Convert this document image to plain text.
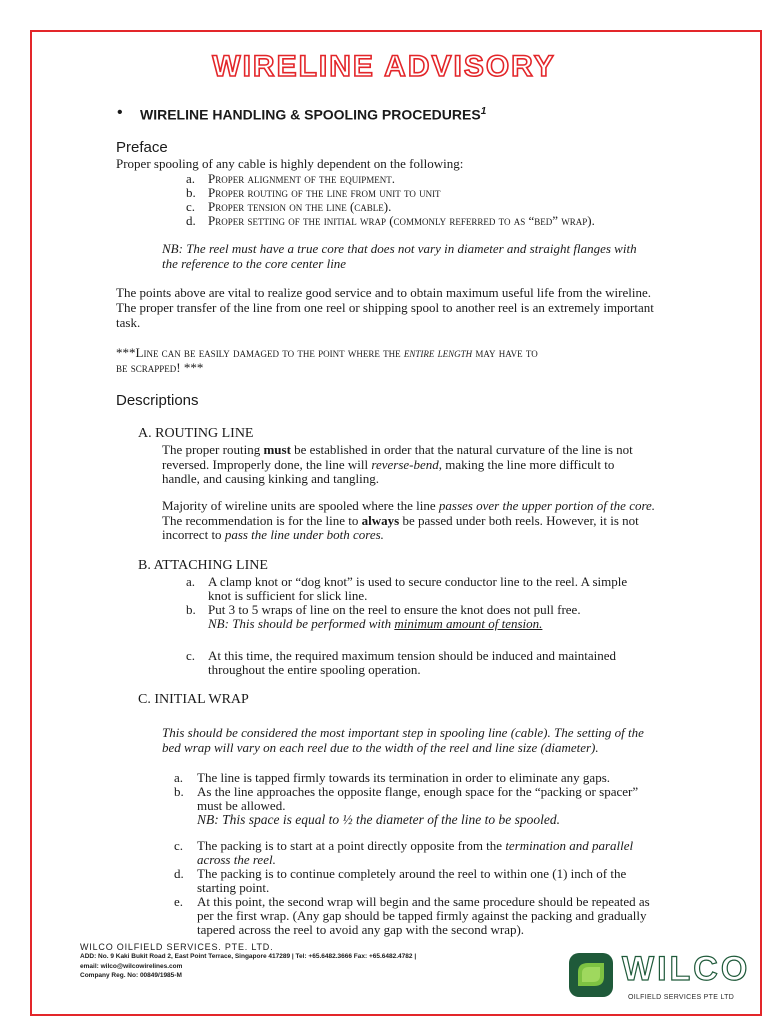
WIRELINE ADVISORY
• WIRELINE HANDLING & SPOOLING PROCEDURES$^1$
Preface
Proper spooling of any cable is highly dependent on the following:
a. Proper alignment of the equipment.
b. Proper routing of the line from unit to unit
c. Proper tension on the line (cable).
d. Proper setting of the initial wrap (commonly referred to as “bed” wrap).
NB: The reel must have a true core that does not vary in diameter and straight flanges with
the reference to the core center line
The points above are vital to realize good service and to obtain maximum useful life from the wireline.
The proper transfer of the line from one reel or shipping spool to another reel is an extremely important
task.
***Line can be easily damaged to the point where the entire length may have to
be scrapped! ***
Descriptions
A. ROUTING LINE
The proper routing must be established in order that the natural curvature of the line is not
reversed. Improperly done, the line will reverse-bend, making the line more difficult to
handle, and causing kinking and tangling.
Majority of wireline units are spooled where the line passes over the upper portion of the core.
The recommendation is for the line to always be passed under both reels. However, it is not
incorrect to pass the line under both cores.
B. ATTACHING LINE
a. A clamp knot or “dog knot” is used to secure conductor line to the reel. A simple
knot is sufficient for slick line.
b. Put 3 to 5 wraps of line on the reel to ensure the knot does not pull free.
NB: This should be performed with minimum amount of tension.
c. At this time, the required maximum tension should be induced and maintained
throughout the entire spooling operation.
C. INITIAL WRAP
This should be considered the most important step in spooling line (cable). The setting of the
bed wrap will vary on each reel due to the width of the reel and line size (diameter).
a. The line is tapped firmly towards its termination in order to eliminate any gaps.
b. As the line approaches the opposite flange, enough space for the “packing or spacer”
must be allowed.
NB: This space is equal to ½ the diameter of the line to be spooled.
c. The packing is to start at a point directly opposite from the termination and parallel
across the reel.
d. The packing is to continue completely around the reel to within one (1) inch of the
starting point.
e. At this point, the second wrap will begin and the same procedure should be repeated as
per the first wrap. (Any gap should be tapped firmly against the packing and gradually
tapered across the reel to avoid any gap with the second wrap).
WILCO OILFIELD SERVICES. PTE. LTD.
ADD: No. 9 Kaki Bukit Road 2, East Point Terrace, Singapore 417289 | Tel: +65.6482.3666 Fax: +65.6482.4782 |
email: wilco@wilcowirelines.com
Company Reg. No: 00849/1985-M	WILCO
OILFIELD SERVICES PTE LTD
